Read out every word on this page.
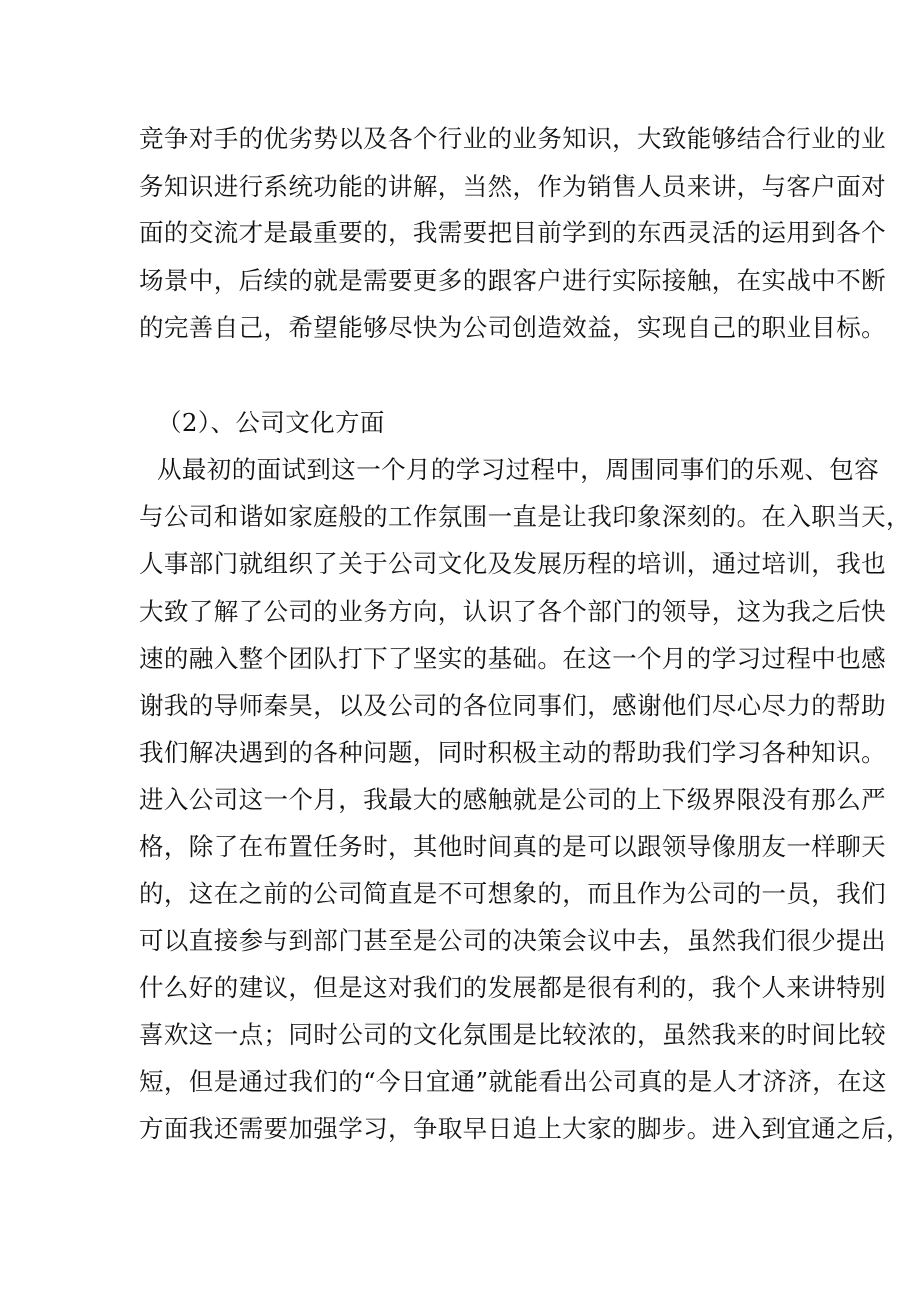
竞争对手的优劣势以及各个行业的业务知识，大致能够结合行业的业
务知识进行系统功能的讲解，当然，作为销售人员来讲，与客户面对
面的交流才是最重要的，我需要把目前学到的东西灵活的运用到各个
场景中，后续的就是需要更多的跟客户进行实际接触，在实战中不断
的完善自己，希望能够尽快为公司创造效益，实现自己的职业目标。
（2）、公司文化方面
从最初的面试到这一个月的学习过程中，周围同事们的乐观、包容
与公司和谐如家庭般的工作氛围一直是让我印象深刻的。在入职当天，
人事部门就组织了关于公司文化及发展历程的培训，通过培训，我也
大致了解了公司的业务方向，认识了各个部门的领导，这为我之后快
速的融入整个团队打下了坚实的基础。在这一个月的学习过程中也感
谢我的导师秦昊，以及公司的各位同事们，感谢他们尽心尽力的帮助
我们解决遇到的各种问题，同时积极主动的帮助我们学习各种知识。
进入公司这一个月，我最大的感触就是公司的上下级界限没有那么严
格，除了在布置任务时，其他时间真的是可以跟领导像朋友一样聊天
的，这在之前的公司简直是不可想象的，而且作为公司的一员，我们
可以直接参与到部门甚至是公司的决策会议中去，虽然我们很少提出
什么好的建议，但是这对我们的发展都是很有利的，我个人来讲特别
喜欢这一点；同时公司的文化氛围是比较浓的，虽然我来的时间比较
短，但是通过我们的“今日宜通”就能看出公司真的是人才济济，在这
方面我还需要加强学习，争取早日追上大家的脚步。进入到宜通之后，
